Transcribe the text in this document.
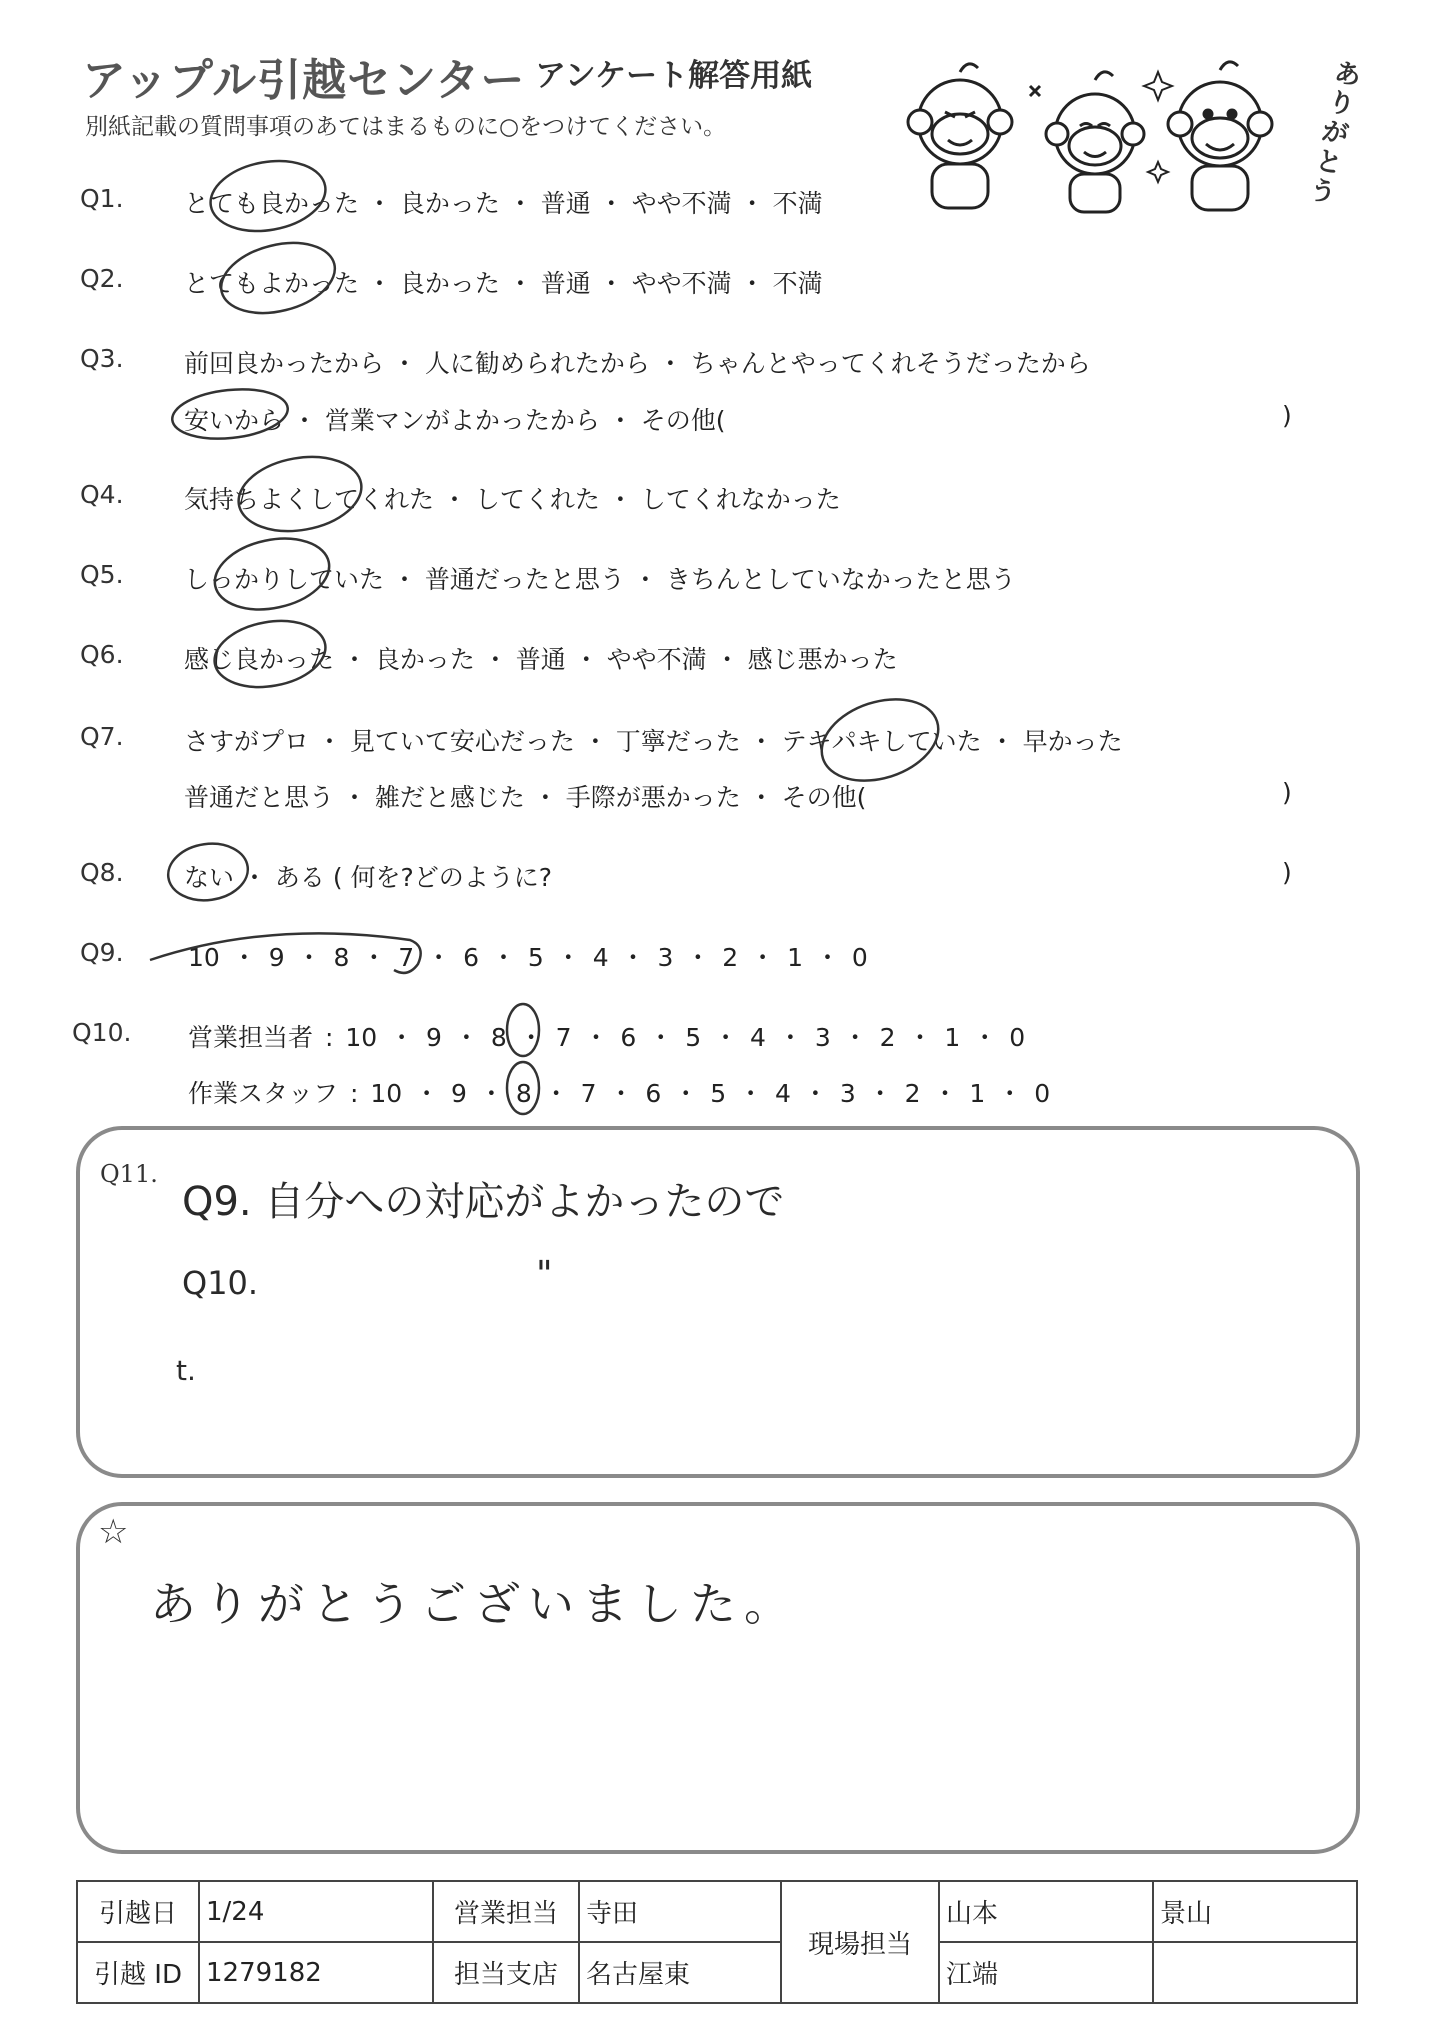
アップル引越センター アンケート解答用紙
別紙記載の質問事項のあてはまるものに○をつけてください。
ありがとう
Q1. とても良かった ・ 良かった ・ 普通 ・ やや不満 ・ 不満
Q2. とてもよかった ・ 良かった ・ 普通 ・ やや不満 ・ 不満
Q3. 前回良かったから ・ 人に勧められたから ・ ちゃんとやってくれそうだったから
安いから ・ 営業マンがよかったから ・ その他(	)
Q4. 気持ちよくしてくれた ・ してくれた ・ してくれなかった
Q5. しっかりしていた ・ 普通だったと思う ・ きちんとしていなかったと思う
Q6. 感じ良かった ・ 良かった ・ 普通 ・ やや不満 ・ 感じ悪かった
Q7. さすがプロ ・ 見ていて安心だった ・ 丁寧だった ・ テキパキしていた ・ 早かった
普通だと思う ・ 雑だと感じた ・ 手際が悪かった ・ その他(	)
Q8. ない ・ ある ( 何を?どのように?	)
Q9.	10 ・ 9 ・ 8 ・ 7 ・ 6 ・ 5 ・ 4 ・ 3 ・ 2 ・ 1 ・ 0
Q10. 営業担当者 : 10 ・ 9 ・ 8 ・ 7 ・ 6 ・ 5 ・ 4 ・ 3 ・ 2 ・ 1 ・ 0
作業スタッフ : 10 ・ 9 ・ 8 ・ 7 ・ 6 ・ 5 ・ 4 ・ 3 ・ 2 ・ 1 ・ 0
Q11.
Q9. 自分への対応がよかったので
Q10.	"
t.
☆
ありがとうございました。
引越日	1/24	営業担当	寺田	現場担当	山本	景山
引越 ID	1279182	担当支店	名古屋東		江端	
